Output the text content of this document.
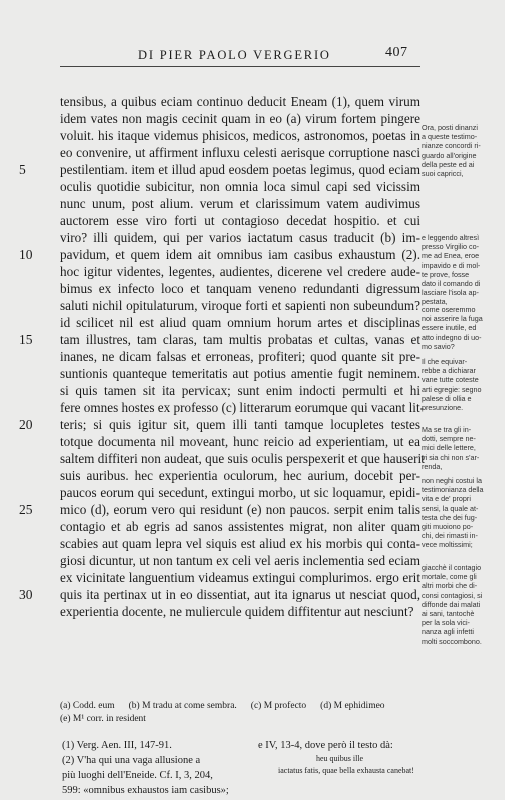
DI PIER PAOLO VERGERIO	407
tensibus, a quibus eciam continuo deducit Eneam (1), quem virum
idem vates non magis cecinit quam in eo (a) virum fortem pingere
voluit. his itaque videmus phisicos, medicos, astronomos, poetas in
eo convenire, ut affirment influxu celesti aerisque corruptione nasci
pestilentiam. item et illud apud eosdem poetas legimus, quod eciam
oculis quotidie subicitur, non omnia loca simul capi sed vicissim
nunc unum, post alium. verum et clarissimum vatem audivimus
auctorem esse viro forti ut contagioso decedat hospitio. et cui
viro? illi quidem, qui per varios iactatum casus traducit (b) im-
pavidum, et quem idem ait omnibus iam casibus exhaustum (2).
hoc igitur videntes, legentes, audientes, dicerene vel credere aude-
bimus ex infecto loco et tanquam veneno redundanti digressum
saluti nichil opitulaturum, viroque forti et sapienti non subeundum?
id scilicet nil est aliud quam omnium horum artes et disciplinas
tam illustres, tam claras, tam multis probatas et cultas, vanas et
inanes, ne dicam falsas et erroneas, profiteri; quod quante sit pre-
suntionis quanteque temeritatis aut potius amentie fugit neminem.
si quis tamen sit ita pervicax; sunt enim indocti permulti et hi
fere omnes hostes ex professo (c) litterarum eorumque qui vacant lit-
teris; si quis igitur sit, quem illi tanti tamque locupletes testes
totque documenta nil moveant, hunc reicio ad experientiam, ut ea
saltem diffiteri non audeat, que suis oculis perspexerit et que hauserit
suis auribus. hec experientia oculorum, hec aurium, docebit per-
paucos eorum qui secedunt, extingui morbo, ut sic loquamur, epidi-
mico (d), eorum vero qui residunt (e) non paucos. serpit enim talis
contagio et ab egris ad sanos assistentes migrat, non aliter quam
scabies aut quam lepra vel siquis est aliud ex his morbis qui conta-
giosi dicuntur, ut non tantum ex celi vel aeris inclementia sed eciam
ex vicinitate languentium videamus extingui complurimos. ergo erit
quis ita pertinax ut in eo dissentiat, aut ita ignarus ut nesciat quod,
experientia docente, ne muliercule quidem diffitentur aut nesciunt?
5
10
15
20
25
30
Ora, posti dinanzi
a queste testimo-
nianze concordi ri-
guardo all'origine
della peste ed ai
suoi capricci,
e leggendo altresì
presso Virgilio co-
me ad Enea, eroe
impavido e di mol-
te prove, fosse
dato il comando di
lasciare l'isola ap-
pestata,
come oseremmo
noi asserire la fuga
essere inutile, ed
atto indegno di uo-
mo savio?
Il che equivar-
rebbe a dichiarar
vane tutte coteste
arti egregie: segno
palese di ollia e
presunzione.
Ma se tra gli in-
dotti, sempre ne-
mici delle lettere,
vi sia chi non s'ar-
renda,
non neghi costui la
testimonianza della
vita e de' propri
sensi, la quale at-
testa che dei fug-
giti muoiono po-
chi, dei rimasti in-
vece moltissimi;
giacchè il contagio
mortale, come gli
altri morbi che di-
consi contagiosi, si
diffonde dai malati
ai sani, tantochè
per la sola vici-
nanza agli infetti
molti soccombono.
(a) Codd. eum (b) M tradu at come sembra. (c) M profecto (d) M ephidimeo
(e) M¹ corr. in resident
(1) Verg. Aen. III, 147-91.
(2) V'ha qui una vaga allusione a
più luoghi dell'Eneide. Cf. I, 3, 204,
599: «omnibus exhaustos iam casibus»;
e IV, 13-4, dove però il testo dà:
heu quibus ille
iactatus fatis, quae bella exhausta canebat!
